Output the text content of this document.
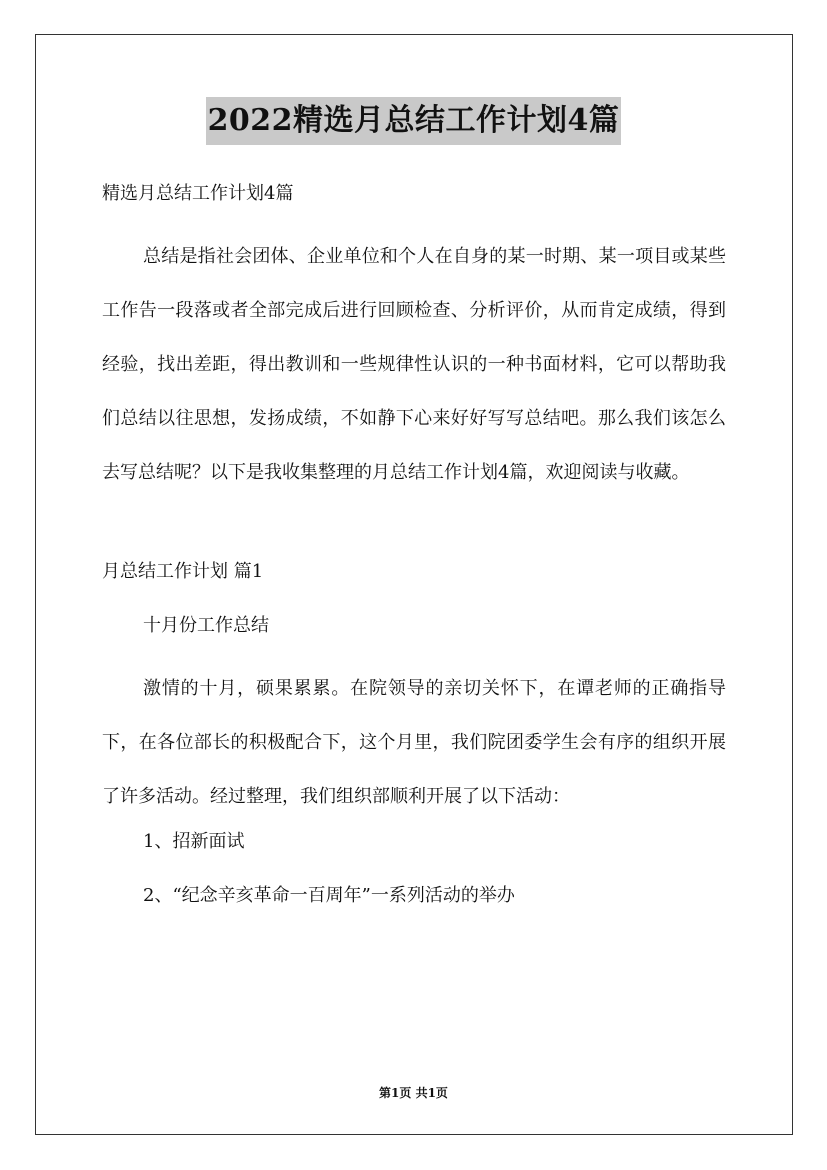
2022精选月总结工作计划4篇
精选月总结工作计划4篇
总结是指社会团体、企业单位和个人在自身的某一时期、某一项目或某些工作告一段落或者全部完成后进行回顾检查、分析评价，从而肯定成绩，得到经验，找出差距，得出教训和一些规律性认识的一种书面材料，它可以帮助我们总结以往思想，发扬成绩，不如静下心来好好写写总结吧。那么我们该怎么去写总结呢？以下是我收集整理的月总结工作计划4篇，欢迎阅读与收藏。
月总结工作计划 篇1
十月份工作总结
激情的十月，硕果累累。在院领导的亲切关怀下，在谭老师的正确指导下，在各位部长的积极配合下，这个月里，我们院团委学生会有序的组织开展了许多活动。经过整理，我们组织部顺利开展了以下活动：
1、招新面试
2、“纪念辛亥革命一百周年”一系列活动的举办
第1页 共1页
